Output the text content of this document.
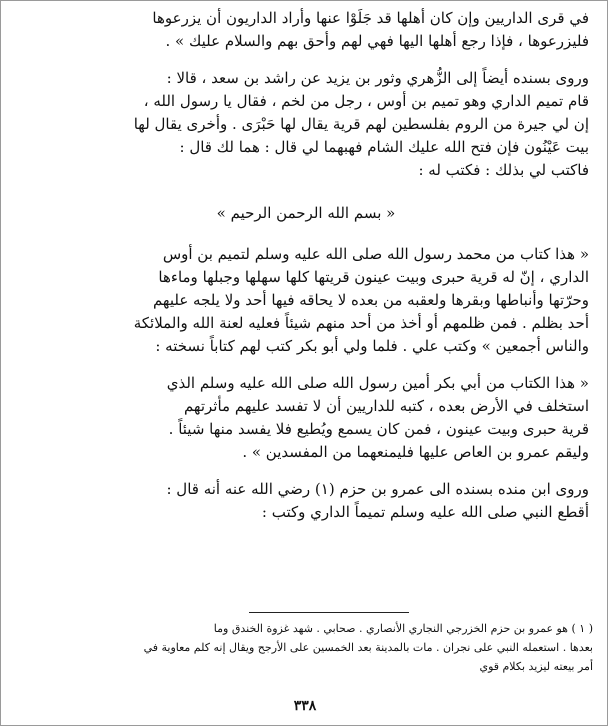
في قرى الداريين وإن كان أهلها قد جَلَوْا عنها وأراد الداريون أن يزرعوها
فليزرعوها ، فإذا رجع أهلها اليها فهي لهم وأحق بهم والسلام عليك » .
وروى بسنده أيضاً إلى الزُّهري وثور بن يزيد عن راشد بن سعد ، قالا :
قام تميم الداري وهو تميم بن أوس ، رجل من لخم ، فقال يا رسول الله ،
إن لي جيرة من الروم بفلسطين لهم قرية يقال لها حَبْرَى . وأخرى يقال لها
بيت عَيْنُون فإن فتح الله عليك الشام فهبهما لي قال : هما لك قال :
فاكتب لي بذلك : فكتب له :
« بسم الله الرحمن الرحيم »
« هذا كتاب من محمد رسول الله صلى الله عليه وسلم لتميم بن أوس
الداري ، إنّ له قرية حبرى وبيت عينون قريتها كلها سهلها وجبلها وماءها
وحرّتها وأنباطها وبقرها ولعقبه من بعده لا يحاقه فيها أحد ولا يلجه عليهم
أحد بظلم . فمن ظلمهم أو أخذ من أحد منهم شيئاً فعليه لعنة الله والملائكة
والناس أجمعين » وكتب علي . فلما ولي أبو بكر كتب لهم كتاباً نسخته :
« هذا الكتاب من أبي بكر أمين رسول الله صلى الله عليه وسلم الذي
استخلف في الأرض بعده ، كتبه للداريين أن لا تفسد عليهم مأثرتهم
قرية حبرى وبيت عينون ، فمن كان يسمع ويُطيع فلا يفسد منها شيئاً .
وليقم عمرو بن العاص عليها فليمنعهما من المفسدين » .
وروى ابن منده بسنده الى عمرو بن حزم (١) رضي الله عنه أنه قال :
أقطع النبي صلى الله عليه وسلم تميماً الداري وكتب :
( ١ ) هو عمرو بن حزم الخزرجي النجاري الأنصاري . صحابي . شهد غزوة الخندق وما
بعدها . استعمله النبي على نجران . مات بالمدينة بعد الخمسين على الأرجح ويقال إنه كلم معاوية في
أمر بيعته ليزيد بكلام قوي
٣٣٨
